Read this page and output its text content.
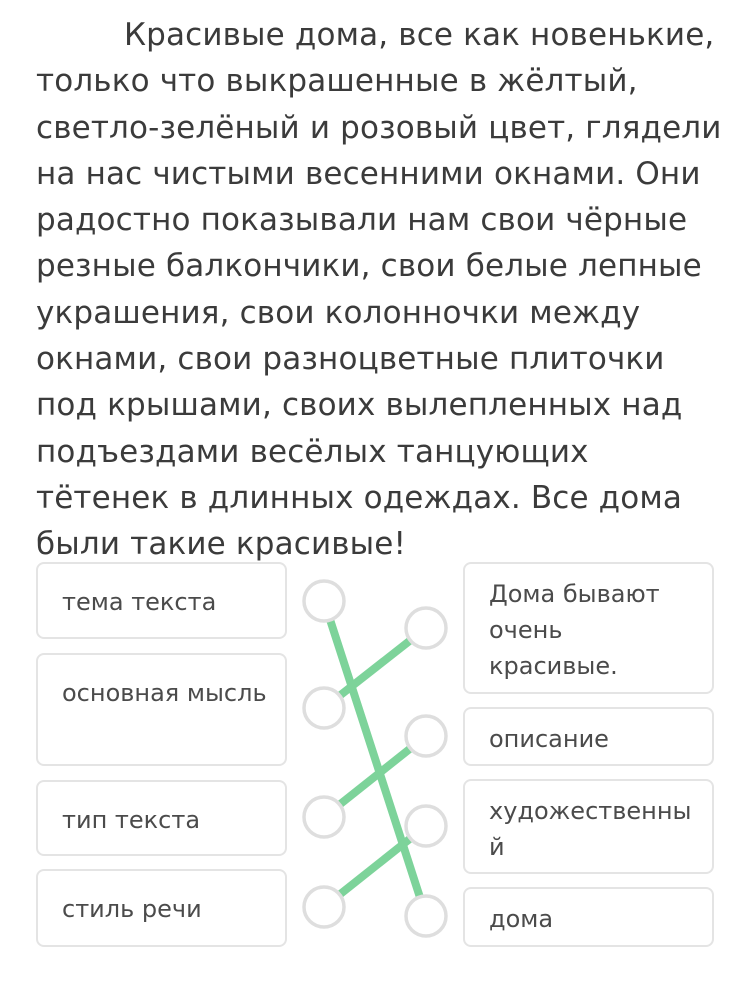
Красивые дома, все как новенькие, только что выкрашенные в жёлтый, светло-зелёный и розовый цвет, глядели на нас чистыми весенними окнами. Они радостно показывали нам свои чёрные резные балкончики, свои белые лепные украшения, свои колонночки между окнами, свои разноцветные плиточки под крышами, своих вылепленных над подъездами весёлых танцующих тётенек в длинных одеждах. Все дома были такие красивые!

тема текста
основная мысль
тип текста
стиль речи
Дома бывают очень красивые.
описание
художественный
дома
